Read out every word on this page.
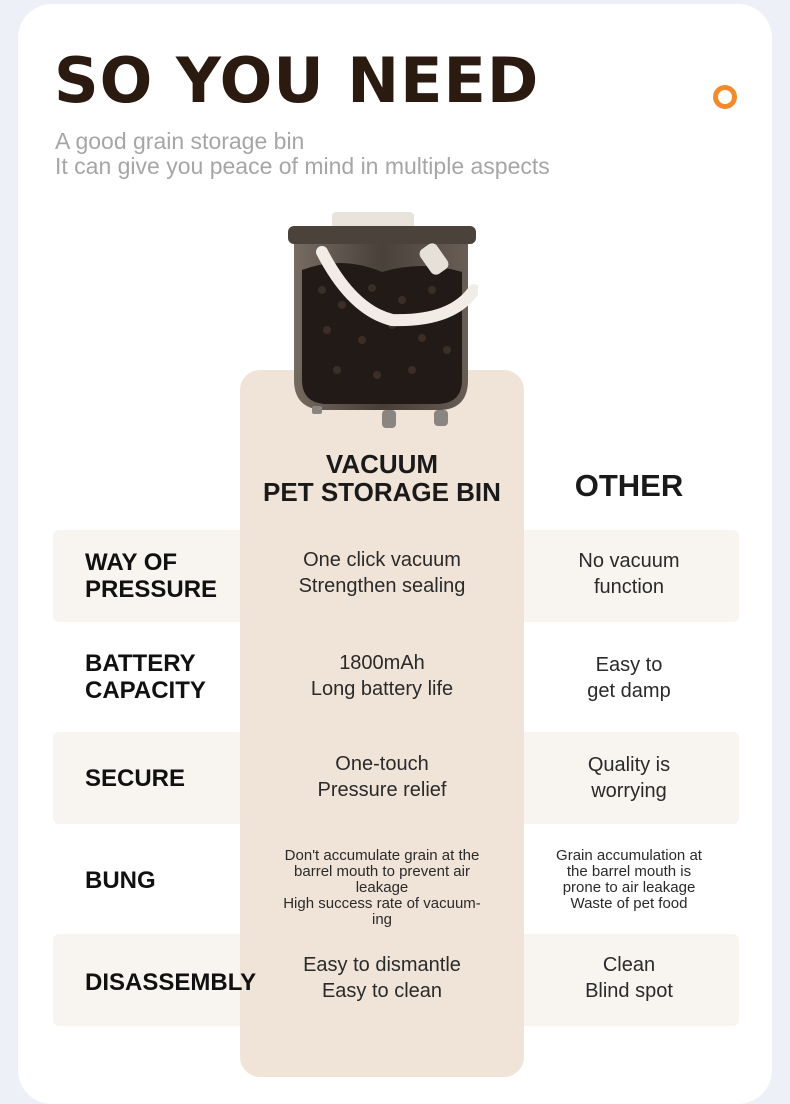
SO YOU NEED
A good grain storage bin
It can give you peace of mind in multiple aspects
VACUUM
PET STORAGE BIN	OTHER
WAY OF
PRESSURE
One click vacuum
Strengthen sealing
No vacuum
function
BATTERY
CAPACITY
1800mAh
Long battery life
Easy to
get damp
SECURE
One-touch
Pressure relief
Quality is
worrying
BUNG
Don't accumulate grain at the
barrel mouth to prevent air
leakage
High success rate of vacuum-
ing
Grain accumulation at
the barrel mouth is
prone to air leakage
Waste of pet food
DISASSEMBLY
Easy to dismantle
Easy to clean
Clean
Blind spot
